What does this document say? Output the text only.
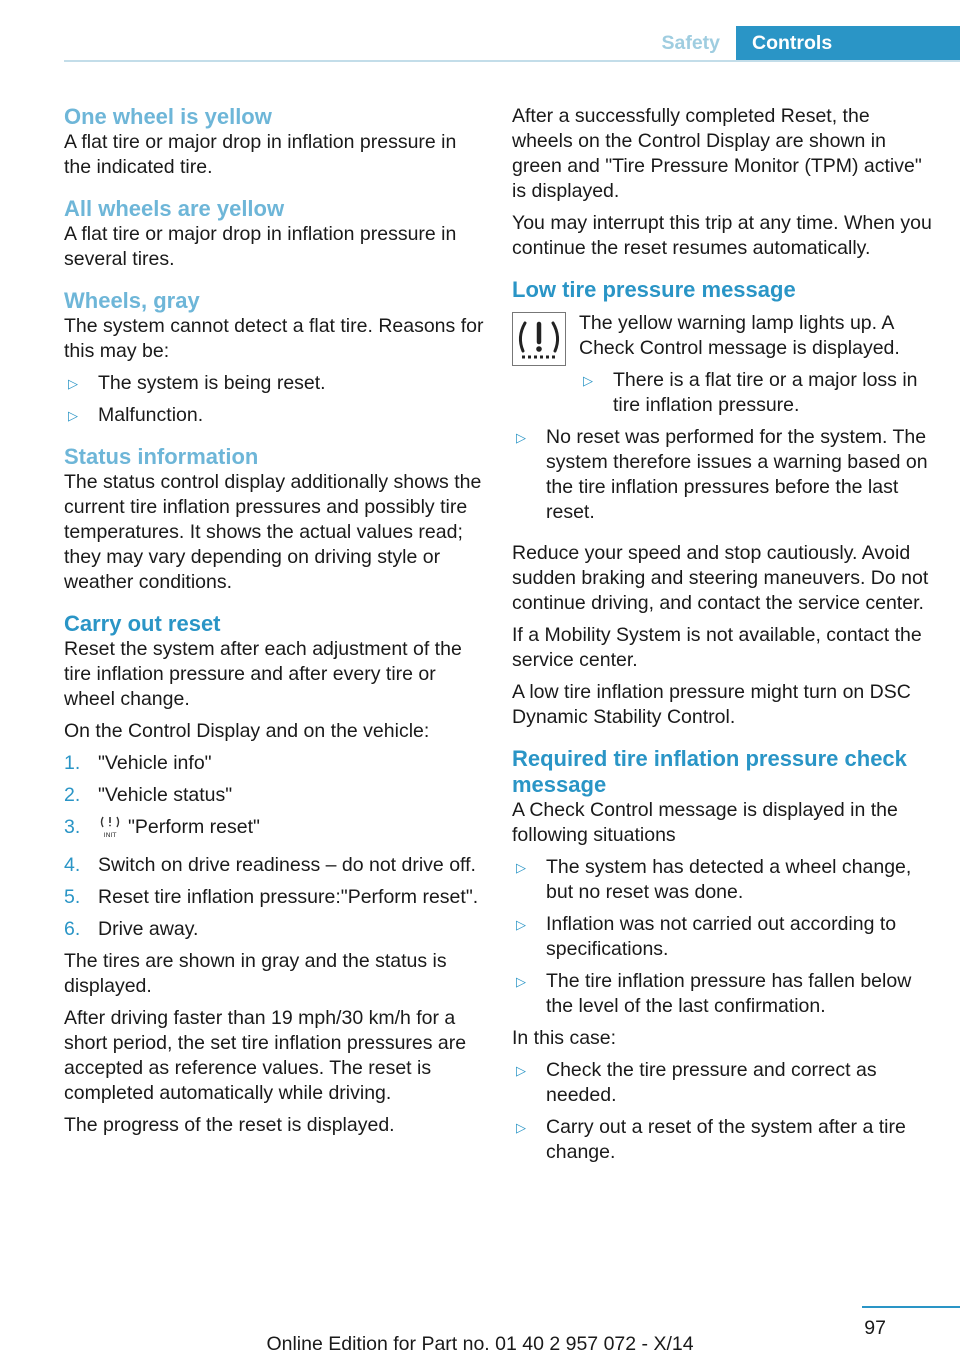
Safety	Controls
One wheel is yellow

A flat tire or major drop in inflation pressure in the indicated tire.

All wheels are yellow

A flat tire or major drop in inflation pressure in several tires.

Wheels, gray

The system cannot detect a flat tire. Reasons for this may be:

▷ The system is being reset.
▷ Malfunction.
Status information

The status control display additionally shows the current tire inflation pressures and possibly tire temperatures. It shows the actual values read; they may vary depending on driving style or weather conditions.

Carry out reset

Reset the system after each adjustment of the tire inflation pressure and after every tire or wheel change.

On the Control Display and on the vehicle:

1. "Vehicle info"
2. "Vehicle status"
3.	INIT "Perform reset"
4. Switch on drive readiness – do not drive off.
5. Reset tire inflation pressure:"Perform reset".
6. Drive away.

The tires are shown in gray and the status is displayed.

After driving faster than 19 mph/30 km/h for a short period, the set tire inflation pressures are accepted as reference values. The reset is completed automatically while driving.

The progress of the reset is displayed.

After a successfully completed Reset, the wheels on the Control Display are shown in green and "Tire Pressure Monitor (TPM) active" is displayed.

You may interrupt this trip at any time. When you continue the reset resumes automatically.

Low tire pressure message

The yellow warning lamp lights up. A Check Control message is displayed.

▷ There is a flat tire or a major loss in tire inflation pressure.
▷ No reset was performed for the system. The system therefore issues a warning based on the tire inflation pressures before the last reset.

Reduce your speed and stop cautiously. Avoid sudden braking and steering maneuvers. Do not continue driving, and contact the service center.

If a Mobility System is not available, contact the service center.

A low tire inflation pressure might turn on DSC Dynamic Stability Control.

Required tire inflation pressure check message

A Check Control message is displayed in the following situations

▷ The system has detected a wheel change, but no reset was done.
▷ Inflation was not carried out according to specifications.
▷ The tire inflation pressure has fallen below the level of the last confirmation.

In this case:

▷ Check the tire pressure and correct as needed.
▷ Carry out a reset of the system after a tire change.
97
Online Edition for Part no. 01 40 2 957 072 - X/14
